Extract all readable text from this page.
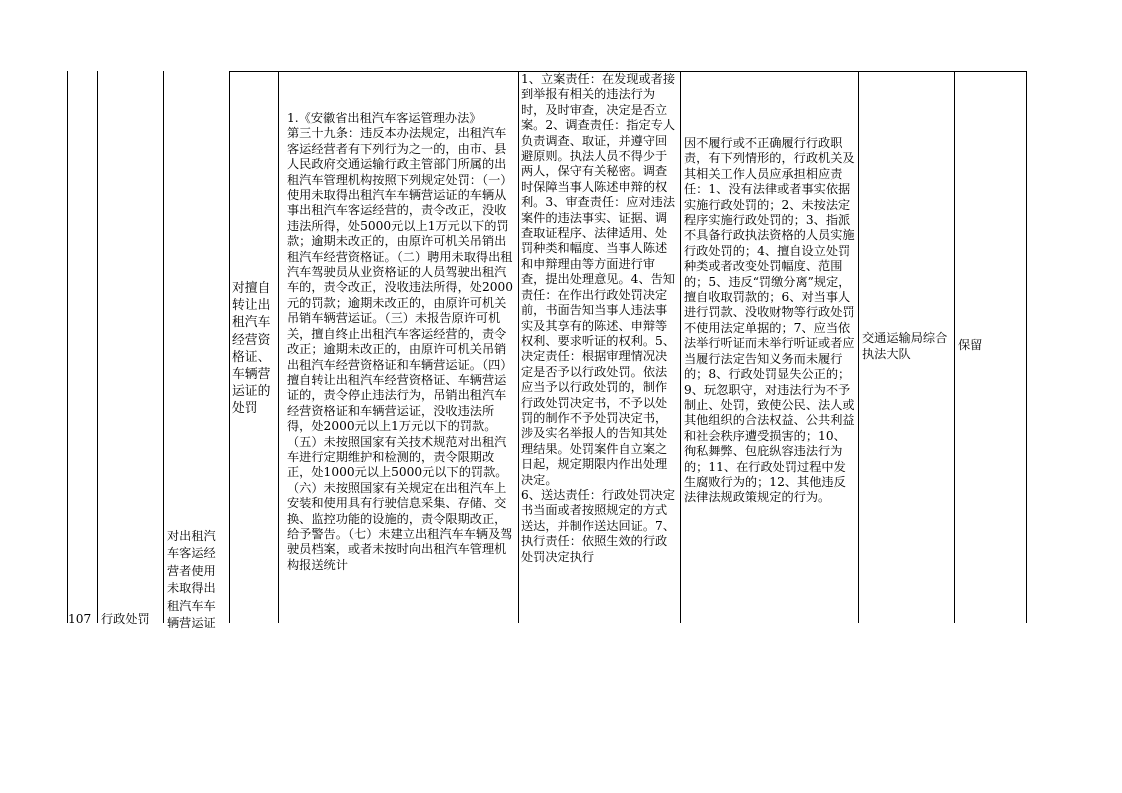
107 行政处罚
对出租汽车客运经营者使用未取得出租汽车车辆营运证
对擅自转让出租汽车经营资格证、车辆营运证的处罚
1.《安徽省出租汽车客运管理办法》
第三十九条：违反本办法规定，出租汽车客运经营者有下列行为之一的，由市、县人民政府交通运输行政主管部门所属的出租汽车管理机构按照下列规定处罚：（一）使用未取得出租汽车车辆营运证的车辆从事出租汽车客运经营的，责令改正，没收违法所得，处5000元以上1万元以下的罚款；逾期未改正的，由原许可机关吊销出租汽车经营资格证。（二）聘用未取得出租汽车驾驶员从业资格证的人员驾驶出租汽车的，责令改正，没收违法所得，处2000元的罚款；逾期未改正的，由原许可机关吊销车辆营运证。（三）未报告原许可机关，擅自终止出租汽车客运经营的，责令改正；逾期未改正的，由原许可机关吊销出租汽车经营资格证和车辆营运证。（四）擅自转让出租汽车经营资格证、车辆营运证的，责令停止违法行为，吊销出租汽车经营资格证和车辆营运证，没收违法所得，处2000元以上1万元以下的罚款。（五）未按照国家有关技术规范对出租汽车进行定期维护和检测的，责令限期改正，处1000元以上5000元以下的罚款。（六）未按照国家有关规定在出租汽车上安装和使用具有行驶信息采集、存储、交换、监控功能的设施的，责令限期改正，给予警告。（七）未建立出租汽车车辆及驾驶员档案，或者未按时向出租汽车管理机构报送统计
1、立案责任：在发现或者接到举报有相关的违法行为时，及时审查，决定是否立案。2、调查责任：指定专人负责调查、取证，并遵守回避原则。执法人员不得少于两人，保守有关秘密。调查时保障当事人陈述申辩的权利。3、审查责任：应对违法案件的违法事实、证据、调查取证程序、法律适用、处罚种类和幅度、当事人陈述和申辩理由等方面进行审查，提出处理意见。4、告知责任：在作出行政处罚决定前，书面告知当事人违法事实及其享有的陈述、申辩等权利、要求听证的权利。5、决定责任：根据审理情况决定是否予以行政处罚。依法应当予以行政处罚的，制作行政处罚决定书，不予以处罚的制作不予处罚决定书，涉及实名举报人的告知其处理结果。处罚案件自立案之日起，规定期限内作出处理决定。
6、送达责任：行政处罚决定书当面或者按照规定的方式送达，并制作送达回证。7、执行责任：依照生效的行政处罚决定执行
因不履行或不正确履行行政职责，有下列情形的，行政机关及其相关工作人员应承担相应责任：1、没有法律或者事实依据实施行政处罚的；2、未按法定程序实施行政处罚的；3、指派不具备行政执法资格的人员实施行政处罚的；4、擅自设立处罚种类或者改变处罚幅度、范围的；5、违反“罚缴分离”规定，擅自收取罚款的；6、对当事人进行罚款、没收财物等行政处罚不使用法定单据的；7、应当依法举行听证而未举行听证或者应当履行法定告知义务而未履行的；8、行政处罚显失公正的；9、玩忽职守，对违法行为不予制止、处罚，致使公民、法人或其他组织的合法权益、公共利益和社会秩序遭受损害的；10、徇私舞弊、包庇纵容违法行为的；11、在行政处罚过程中发生腐败行为的；12、其他违反法律法规政策规定的行为。
交通运输局综合执法大队
保留
